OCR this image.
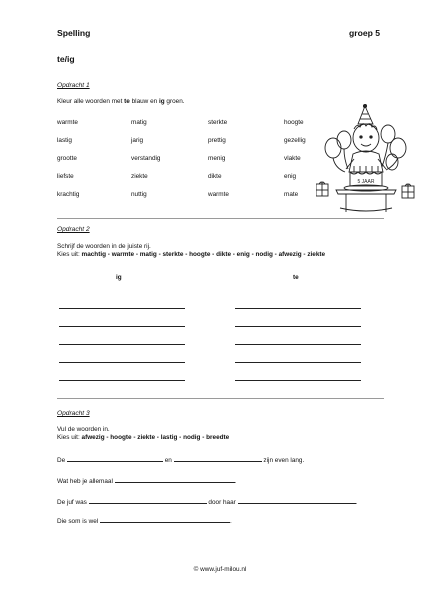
Spelling	groep 5
te/ig
Opdracht 1
Kleur alle woorden met te blauw en ig groen.
warmte	matig	sterkte	hoogte
lastig	jarig	prettig	gezellig
grootte	verstandig	menig	vlakte
liefste	ziekte	dikte	enig
krachtig	nuttig	warmte	mate
5 JAAR
Opdracht 2
Schrijf de woorden in de juiste rij.
Kies uit: machtig - warmte - matig - sterkte - hoogte - dikte - enig - nodig - afwezig - ziekte
ig	te
Opdracht 3
Vul de woorden in.
Kies uit: afwezig - hoogte - ziekte - lastig - nodig - breedte
De	en	zijn even lang.
Wat heb je allemaal	.
De juf was	door haar	.
Die som is wel	.
© www.juf-milou.nl
